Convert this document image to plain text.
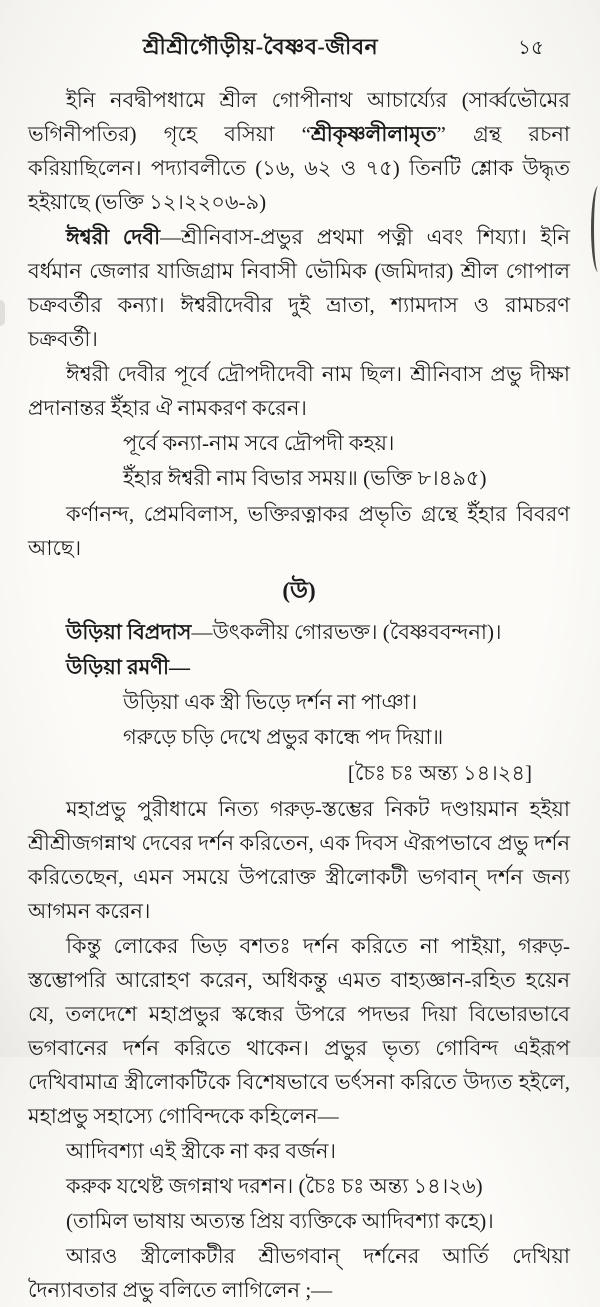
শ্রীশ্রীগৌড়ীয়-বৈষ্ণব-জীবন	১৫

ইনি নবদ্বীপধামে শ্রীল গোপীনাথ আচার্য্যের (সার্ব্বভৌমের ভগিনীপতির) গৃহে বসিয়া “শ্রীকৃষ্ণলীলামৃত” গ্রন্থ রচনা করিয়াছিলেন। পদ্যাবলীতে (১৬, ৬২ ও ৭৫) তিনটি শ্লোক উদ্ধৃত হইয়াছে (ভক্তি ১২।২২০৬-৯)

ঈশ্বরী দেবী—শ্রীনিবাস-প্রভুর প্রথমা পত্নী এবং শিয্যা। ইনি বর্ধমান জেলার যাজিগ্রাম নিবাসী ভৌমিক (জমিদার) শ্রীল গোপাল চক্রবর্তীর কন্যা। ঈশ্বরীদেবীর দুই ভ্রাতা, শ্যামদাস ও রামচরণ চক্রবর্তী।

ঈশ্বরী দেবীর পূর্বে দ্রৌপদীদেবী নাম ছিল। শ্রীনিবাস প্রভু দীক্ষা প্রদানান্তর ইঁহার ঐ নামকরণ করেন।

পূর্বে কন্যা-নাম সবে দ্রৌপদী কহয়।
ইঁহার ঈশ্বরী নাম বিভার সময়॥ (ভক্তি ৮।৪৯৫)

কর্ণানন্দ, প্রেমবিলাস, ভক্তিরত্নাকর প্রভৃতি গ্রন্থে ইঁহার বিবরণ আছে।

(উ)

উড়িয়া বিপ্রদাস—উৎকলীয় গোরভক্ত। (বৈষ্ণববন্দনা)।

উড়িয়া রমণী—

উড়িয়া এক স্ত্রী ভিড়ে দর্শন না পাঞা।
গরুড়ে চড়ি দেখে প্রভুর কান্ধে পদ দিয়া॥
[চৈঃ চঃ অন্ত্য ১৪।২৪]

মহাপ্রভু পুরীধামে নিত্য গরুড়-স্তম্ভের নিকট দণ্ডায়মান হইয়া শ্রীশ্রীজগন্নাথ দেবের দর্শন করিতেন, এক দিবস ঐরূপভাবে প্রভু দর্শন করিতেছেন, এমন সময়ে উপরোক্ত স্ত্রীলোকটী ভগবান্ দর্শন জন্য আগমন করেন।

কিন্তু লোকের ভিড় বশতঃ দর্শন করিতে না পাইয়া, গরুড়-স্তম্ভোপরি আরোহণ করেন, অধিকন্তু এমত বাহ্যজ্ঞান-রহিত হয়েন যে, তলদেশে মহাপ্রভুর স্কন্ধের উপরে পদভর দিয়া বিভোরভাবে ভগবানের দর্শন করিতে থাকেন। প্রভুর ভৃত্য গোবিন্দ এইরূপ দেখিবামাত্র স্ত্রীলোকটিকে বিশেষভাবে ভর্ৎসনা করিতে উদ্যত হইলে, মহাপ্রভু সহাস্যে গোবিন্দকে কহিলেন—

আদিবশ্যা এই স্ত্রীকে না কর বর্জন।
করুক যথেষ্ট জগন্নাথ দরশন। (চৈঃ চঃ অন্ত্য ১৪।২৬)
(তামিল ভাষায় অত্যন্ত প্রিয় ব্যক্তিকে আদিবশ্যা কহে)।

আরও স্ত্রীলোকটীর শ্রীভগবান্ দর্শনের আর্তি দেখিয়া দৈন্যাবতার প্রভু বলিতে লাগিলেন ;—
